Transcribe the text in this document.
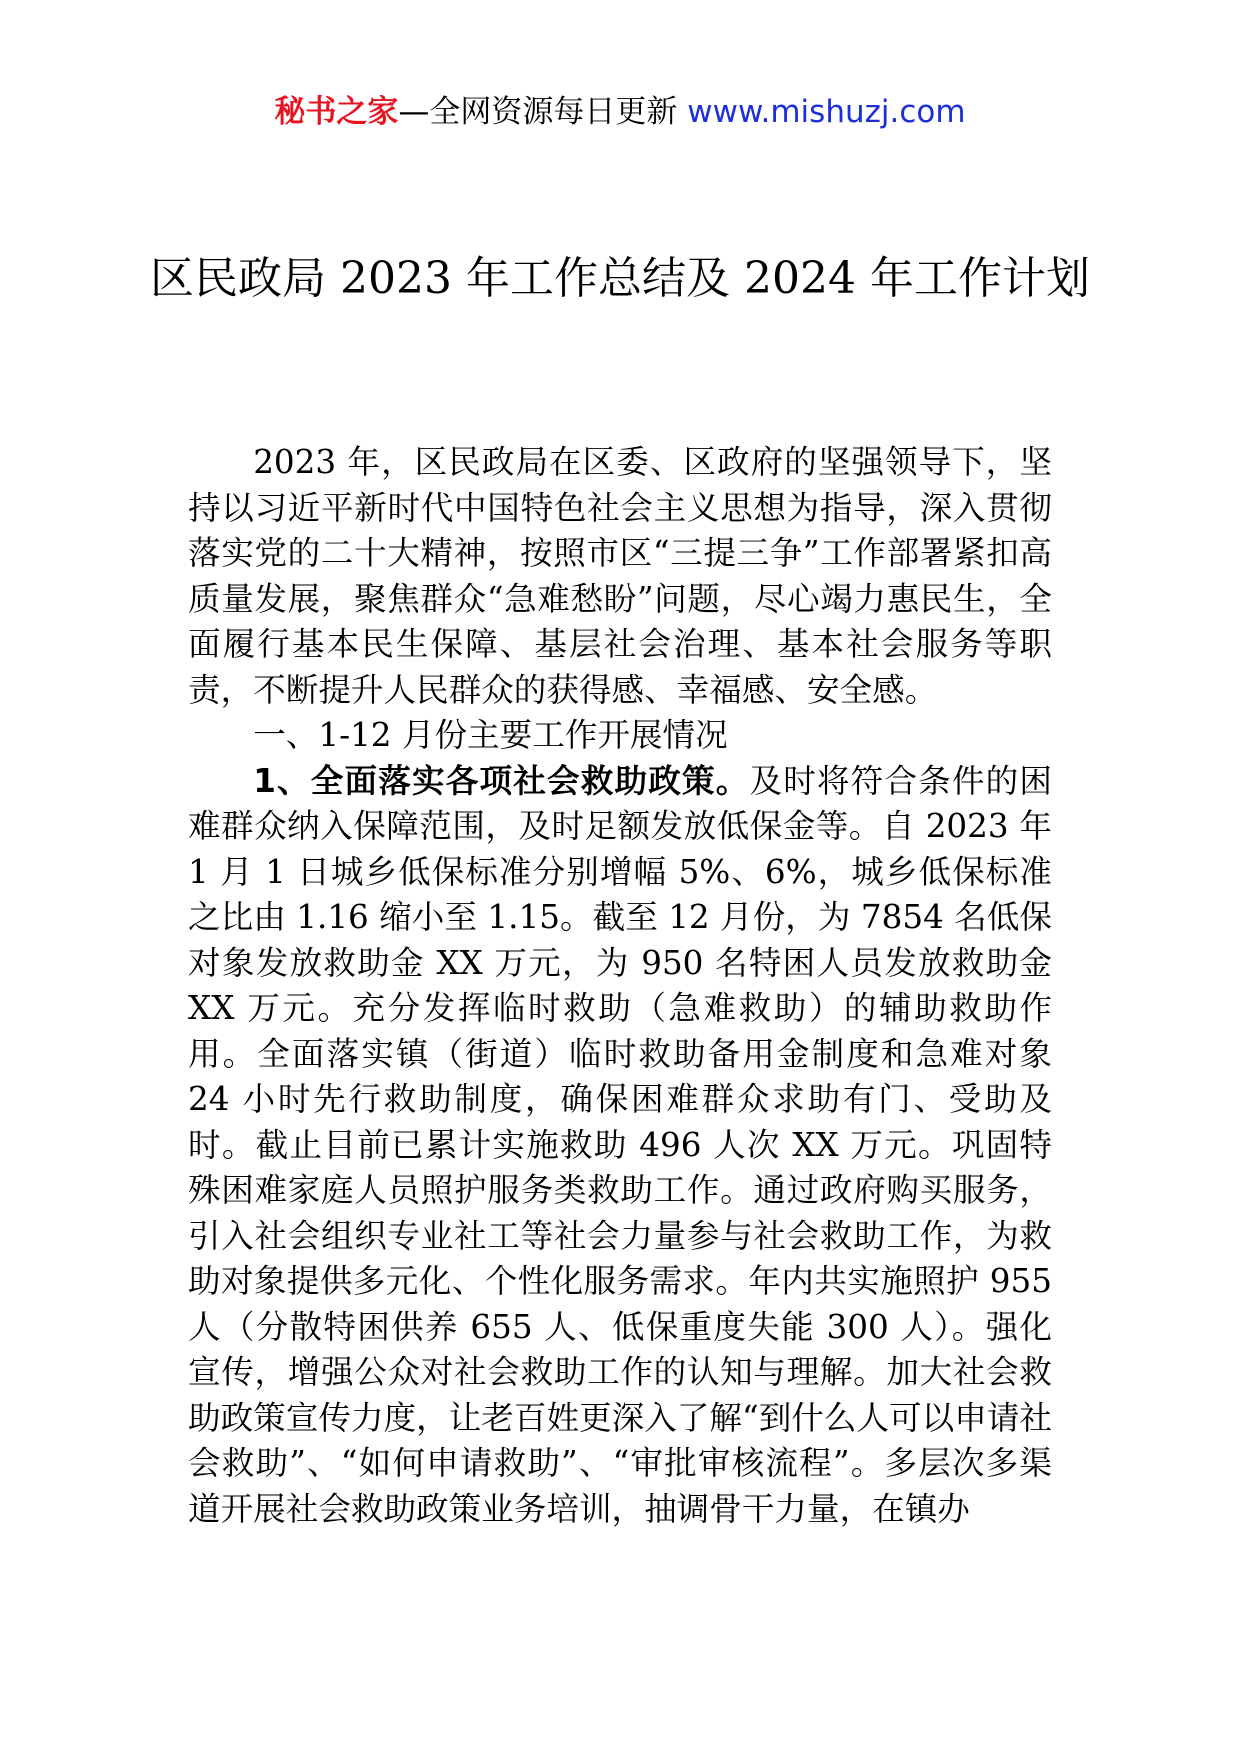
秘书之家—全网资源每日更新 www.mishuzj.com
区民政局 2023 年工作总结及 2024 年工作计划

2023 年，区民政局在区委、区政府的坚强领导下，坚持以习近平新时代中国特色社会主义思想为指导，深入贯彻落实党的二十大精神，按照市区“三提三争”工作部署紧扣高质量发展，聚焦群众“急难愁盼”问题，尽心竭力惠民生，全面履行基本民生保障、基层社会治理、基本社会服务等职责，不断提升人民群众的获得感、幸福感、安全感。

一、1-12 月份主要工作开展情况

1、全面落实各项社会救助政策。及时将符合条件的困难群众纳入保障范围，及时足额发放低保金等。自 2023 年 1 月 1 日城乡低保标准分别增幅 5%、6%，城乡低保标准之比由 1.16 缩小至 1.15。截至 12 月份，为 7854 名低保对象发放救助金 XX 万元，为 950 名特困人员发放救助金 XX 万元。充分发挥临时救助（急难救助）的辅助救助作用。全面落实镇（街道）临时救助备用金制度和急难对象 24 小时先行救助制度，确保困难群众求助有门、受助及时。截止目前已累计实施救助 496 人次 XX 万元。巩固特殊困难家庭人员照护服务类救助工作。通过政府购买服务，引入社会组织专业社工等社会力量参与社会救助工作，为救助对象提供多元化、个性化服务需求。年内共实施照护 955 人（分散特困供养 655 人、低保重度失能 300 人）。强化宣传，增强公众对社会救助工作的认知与理解。加大社会救助政策宣传力度，让老百姓更深入了解“到什么人可以申请社会救助”、“如何申请救助”、“审批审核流程”。多层次多渠道开展社会救助政策业务培训，抽调骨干力量，在镇办
